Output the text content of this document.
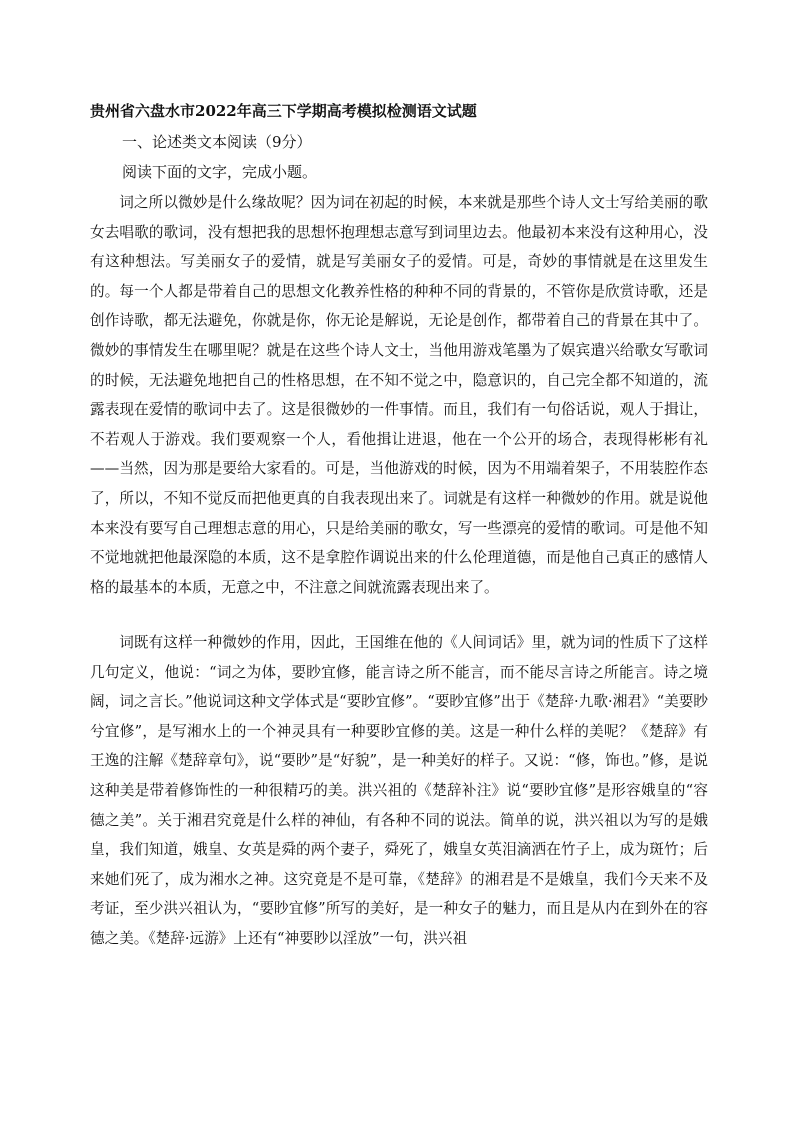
贵州省六盘水市2022年高三下学期高考模拟检测语文试题
一、论述类文本阅读（9分）
阅读下面的文字，完成小题。

词之所以微妙是什么缘故呢？因为词在初起的时候，本来就是那些个诗人文士写给美丽的歌女去唱歌的歌词，没有想把我的思想怀抱理想志意写到词里边去。他最初本来没有这种用心，没有这种想法。写美丽女子的爱情，就是写美丽女子的爱情。可是，奇妙的事情就是在这里发生的。每一个人都是带着自己的思想文化教养性格的种种不同的背景的，不管你是欣赏诗歌，还是创作诗歌，都无法避免，你就是你，你无论是解说，无论是创作，都带着自己的背景在其中了。微妙的事情发生在哪里呢？就是在这些个诗人文士，当他用游戏笔墨为了娱宾遣兴给歌女写歌词的时候，无法避免地把自己的性格思想，在不知不觉之中，隐意识的，自己完全都不知道的，流露表现在爱情的歌词中去了。这是很微妙的一件事情。而且，我们有一句俗话说，观人于揖让，不若观人于游戏。我们要观察一个人，看他揖让进退，他在一个公开的场合，表现得彬彬有礼——当然，因为那是要给大家看的。可是，当他游戏的时候，因为不用端着架子，不用装腔作态了，所以，不知不觉反而把他更真的自我表现出来了。词就是有这样一种微妙的作用。就是说他本来没有要写自己理想志意的用心，只是给美丽的歌女，写一些漂亮的爱情的歌词。可是他不知不觉地就把他最深隐的本质，这不是拿腔作调说出来的什么伦理道德，而是他自己真正的感情人格的最基本的本质，无意之中，不注意之间就流露表现出来了。

词既有这样一种微妙的作用，因此，王国维在他的《人间词话》里，就为词的性质下了这样几句定义，他说：“词之为体，要眇宜修，能言诗之所不能言，而不能尽言诗之所能言。诗之境阔，词之言长。”他说词这种文学体式是“要眇宜修”。“要眇宜修”出于《楚辞·九歌·湘君》“美要眇兮宜修”，是写湘水上的一个神灵具有一种要眇宜修的美。这是一种什么样的美呢？《楚辞》有王逸的注解《楚辞章句》，说“要眇”是“好貌”，是一种美好的样子。又说：“修，饰也。”修，是说这种美是带着修饰性的一种很精巧的美。洪兴祖的《楚辞补注》说“要眇宜修”是形容娥皇的“容德之美”。关于湘君究竟是什么样的神仙，有各种不同的说法。简单的说，洪兴祖以为写的是娥皇，我们知道，娥皇、女英是舜的两个妻子，舜死了，娥皇女英泪滴洒在竹子上，成为斑竹；后来她们死了，成为湘水之神。这究竟是不是可靠，《楚辞》的湘君是不是娥皇，我们今天来不及考证，至少洪兴祖认为，“要眇宜修”所写的美好，是一种女子的魅力，而且是从内在到外在的容德之美。《楚辞·远游》上还有“神要眇以淫放”一句，洪兴祖
